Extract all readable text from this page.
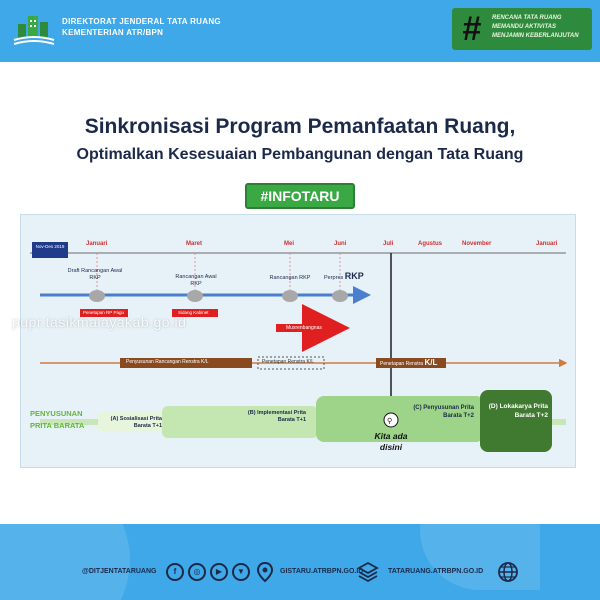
DIREKTORAT JENDERAL TATA RUANG
KEMENTERIAN ATR/BPN	#	RENCANA TATA RUANG
MEMANDU AKTIVITAS
MENJAMIN KEBERLANJUTAN
Sinkronisasi Program Pemanfaatan Ruang,
Optimalkan Kesesuaian Pembangunan dengan Tata Ruang
#INFOTARU
⚲
Nov-Des 2019	Januari	Maret	Mei	Juni	Juli	Agustus	November	Januari
Draft Rancangan Awal RKP	Rancangan Awal RKP
Rancangan RKP	Perpres RKP
Penetapan RP Pagu	Sidang Kabinet
Musrenbangnas
Penyusunan Rancangan Renstra K/L	Penetapan Renstra K/L	Penetapan Renstra K/L
PENYUSUNAN
PRITA BARATA
(A) Sosialisasi Prita Barata T+1
(B) Implementasi Prita Barata T+1
(C) Penyusunan Prita Barata T+2
(D) Lokakarya Prita Barata T+2
Kita ada
disini
pupr.tasikmalayakab.go.id
@DITJENTATARUANG	f	◎	▶	▼	GISTARU.ATRBPN.GO.ID	TATARUANG.ATRBPN.GO.ID
